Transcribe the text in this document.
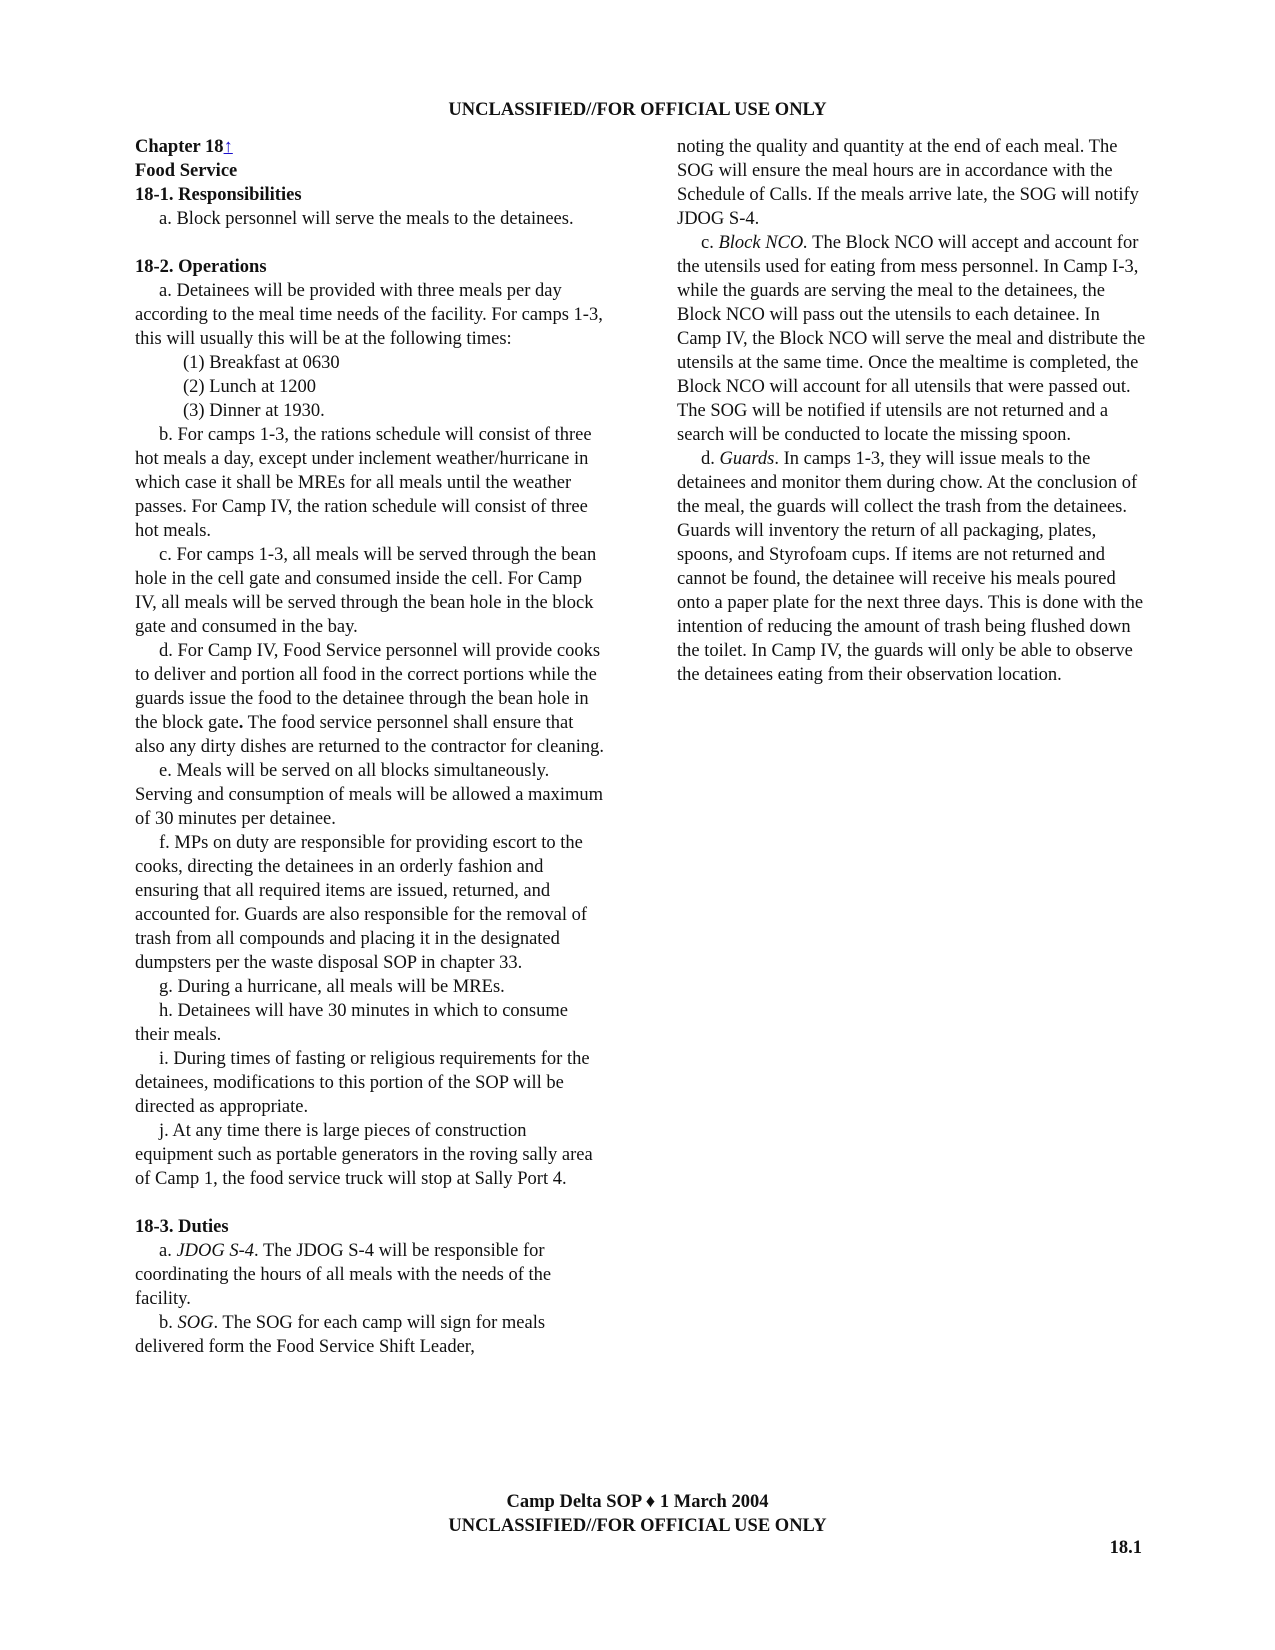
UNCLASSIFIED//FOR OFFICIAL USE ONLY

Chapter 18↑

Food Service

18-1. Responsibilities

a. Block personnel will serve the meals to the detainees.

18-2. Operations

a. Detainees will be provided with three meals per day according to the meal time needs of the facility. For camps 1-3, this will usually this will be at the following times:

(1) Breakfast at 0630

(2) Lunch at 1200

(3) Dinner at 1930.

b. For camps 1-3, the rations schedule will consist of three hot meals a day, except under inclement weather/hurricane in which case it shall be MREs for all meals until the weather passes. For Camp IV, the ration schedule will consist of three hot meals.

c. For camps 1-3, all meals will be served through the bean hole in the cell gate and consumed inside the cell. For Camp IV, all meals will be served through the bean hole in the block gate and consumed in the bay.

d. For Camp IV, Food Service personnel will provide cooks to deliver and portion all food in the correct portions while the guards issue the food to the detainee through the bean hole in the block gate. The food service personnel shall ensure that also any dirty dishes are returned to the contractor for cleaning.

e. Meals will be served on all blocks simultaneously. Serving and consumption of meals will be allowed a maximum of 30 minutes per detainee.

f. MPs on duty are responsible for providing escort to the cooks, directing the detainees in an orderly fashion and ensuring that all required items are issued, returned, and accounted for. Guards are also responsible for the removal of trash from all compounds and placing it in the designated dumpsters per the waste disposal SOP in chapter 33.

g. During a hurricane, all meals will be MREs.

h. Detainees will have 30 minutes in which to consume their meals.

i. During times of fasting or religious requirements for the detainees, modifications to this portion of the SOP will be directed as appropriate.

j. At any time there is large pieces of construction equipment such as portable generators in the roving sally area of Camp 1, the food service truck will stop at Sally Port 4.

18-3. Duties

a. JDOG S-4. The JDOG S-4 will be responsible for coordinating the hours of all meals with the needs of the facility.

b. SOG. The SOG for each camp will sign for meals delivered form the Food Service Shift Leader,

noting the quality and quantity at the end of each meal. The SOG will ensure the meal hours are in accordance with the Schedule of Calls. If the meals arrive late, the SOG will notify JDOG S-4.

c. Block NCO. The Block NCO will accept and account for the utensils used for eating from mess personnel. In Camp I-3, while the guards are serving the meal to the detainees, the Block NCO will pass out the utensils to each detainee. In Camp IV, the Block NCO will serve the meal and distribute the utensils at the same time. Once the mealtime is completed, the Block NCO will account for all utensils that were passed out. The SOG will be notified if utensils are not returned and a search will be conducted to locate the missing spoon.

d. Guards. In camps 1-3, they will issue meals to the detainees and monitor them during chow. At the conclusion of the meal, the guards will collect the trash from the detainees. Guards will inventory the return of all packaging, plates, spoons, and Styrofoam cups. If items are not returned and cannot be found, the detainee will receive his meals poured onto a paper plate for the next three days. This is done with the intention of reducing the amount of trash being flushed down the toilet. In Camp IV, the guards will only be able to observe the detainees eating from their observation location.

Camp Delta SOP ♦ 1 March 2004
UNCLASSIFIED//FOR OFFICIAL USE ONLY
18.1
